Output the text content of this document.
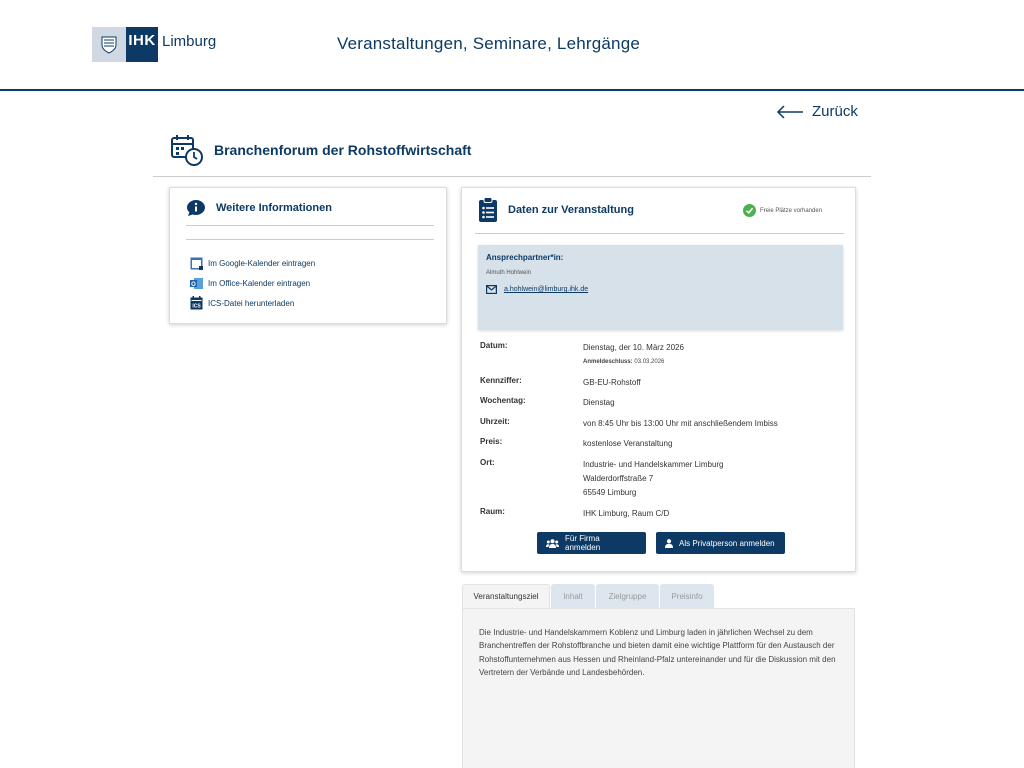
IHK Limburg	Veranstaltungen, Seminare, Lehrgänge
Zurück
Branchenforum der Rohstoffwirtschaft
Weitere Informationen
Im Google-Kalender eintragen
O Im Office-Kalender eintragen
ICS ICS-Datei herunterladen
Daten zur Veranstaltung	Freie Plätze vorhanden
Ansprechpartner*in:
Almuth Hohlwein
a.hohlwein@limburg.ihk.de
Datum:	Dienstag, der 10. März 2026
Anmeldeschluss: 03.03.2026
Kennziffer:	GB-EU-Rohstoff
Wochentag:	Dienstag
Uhrzeit:	von 8:45 Uhr bis 13:00 Uhr mit anschließendem Imbiss
Preis:	kostenlose Veranstaltung
Ort:	Industrie- und Handelskammer Limburg
Walderdorffstraße 7
65549 Limburg
Raum:	IHK Limburg, Raum C/D
Für Firma anmelden	Als Privatperson anmelden
Veranstaltungsziel	Inhalt	Zielgruppe	Preisinfo
Die Industrie- und Handelskammern Koblenz und Limburg laden in jährlichen Wechsel zu dem Branchentreffen der Rohstoffbranche und bieten damit eine wichtige Plattform für den Austausch der Rohstoffunternehmen aus Hessen und Rheinland-Pfalz untereinander und für die Diskussion mit den Vertretern der Verbände und Landesbehörden.
